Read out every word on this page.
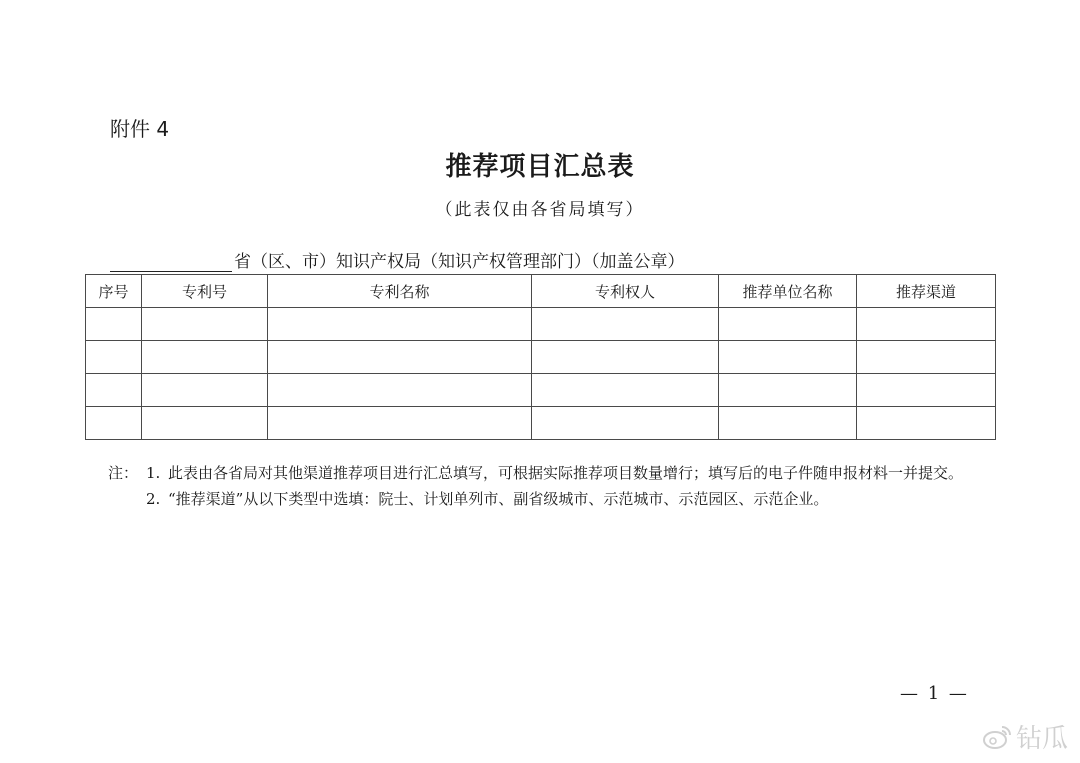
附件 4
推荐项目汇总表
（此表仅由各省局填写）
省（区、市）知识产权局（知识产权管理部门）（加盖公章）
序号	专利号	专利名称	专利权人	推荐单位名称	推荐渠道

注： 1. 此表由各省局对其他渠道推荐项目进行汇总填写，可根据实际推荐项目数量增行；填写后的电子件随申报材料一并提交。
2. “推荐渠道”从以下类型中选填：院士、计划单列市、副省级城市、示范城市、示范园区、示范企业。
— 1 —
钻瓜
